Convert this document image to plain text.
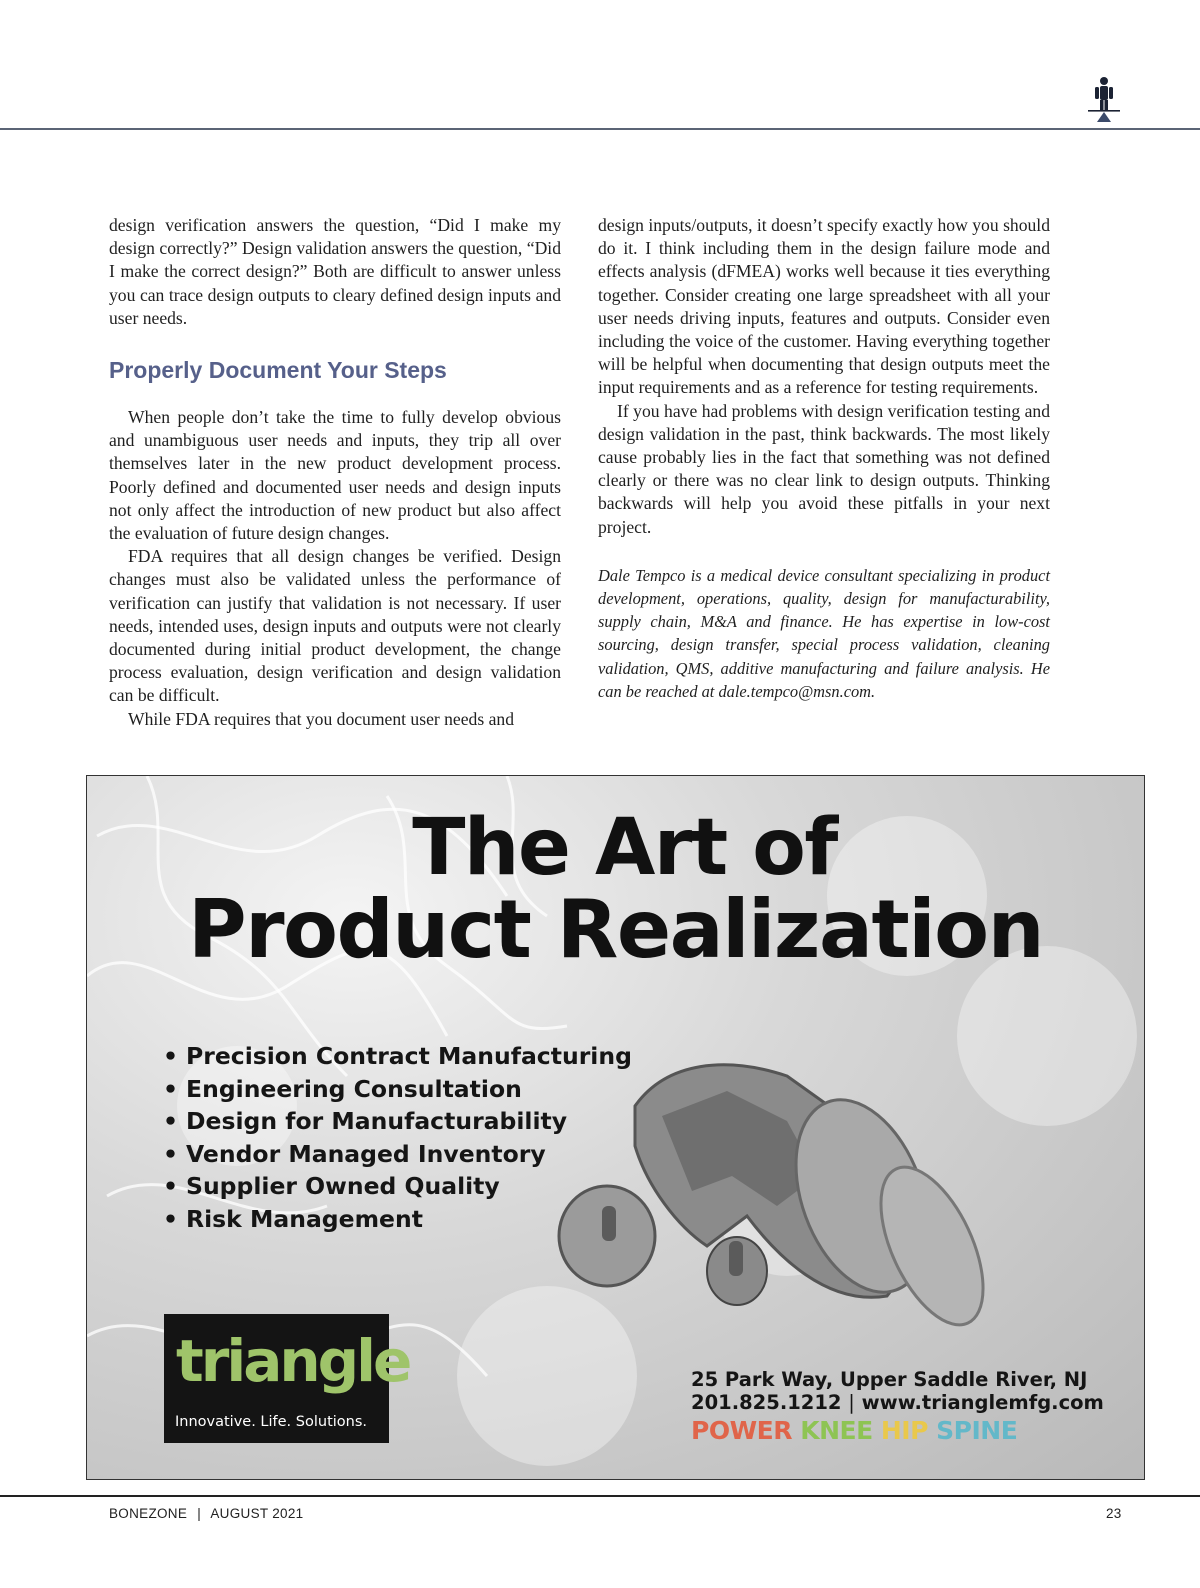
design verification answers the question, “Did I make my design correctly?” Design validation answers the question, “Did I make the correct design?” Both are difficult to answer unless you can trace design outputs to cleary defined design inputs and user needs.

Properly Document Your Steps

When people don’t take the time to fully develop obvious and unambiguous user needs and inputs, they trip all over themselves later in the new product development process. Poorly defined and documented user needs and design inputs not only affect the introduction of new product but also affect the evaluation of future design changes.

FDA requires that all design changes be verified. Design changes must also be validated unless the performance of verification can justify that validation is not necessary. If user needs, intended uses, design inputs and outputs were not clearly documented during initial product development, the change process evaluation, design verification and design validation can be difficult.

While FDA requires that you document user needs and

design inputs/outputs, it doesn’t specify exactly how you should do it. I think including them in the design failure mode and effects analysis (dFMEA) works well because it ties everything together. Consider creating one large spreadsheet with all your user needs driving inputs, features and outputs. Consider even including the voice of the customer. Having everything together will be helpful when documenting that design outputs meet the input requirements and as a reference for testing requirements.

If you have had problems with design verification testing and design validation in the past, think backwards. The most likely cause probably lies in the fact that something was not defined clearly or there was no clear link to design outputs. Thinking backwards will help you avoid these pitfalls in your next project.

Dale Tempco is a medical device consultant specializing in product development, operations, quality, design for manufacturability, supply chain, M&A and finance. He has expertise in low-cost sourcing, design transfer, special process validation, cleaning validation, QMS, additive manufacturing and failure analysis. He can be reached at dale.tempco@msn.com.

The Art of
Product Realization
• Precision Contract Manufacturing
• Engineering Consultation
• Design for Manufacturability
• Vendor Managed Inventory
• Supplier Owned Quality
• Risk Management
triangle
Innovative. Life. Solutions.
25 Park Way, Upper Saddle River, NJ
201.825.1212 | www.trianglemfg.com
POWER KNEE HIP SPINE
BONEZONE | AUGUST 2021	23
